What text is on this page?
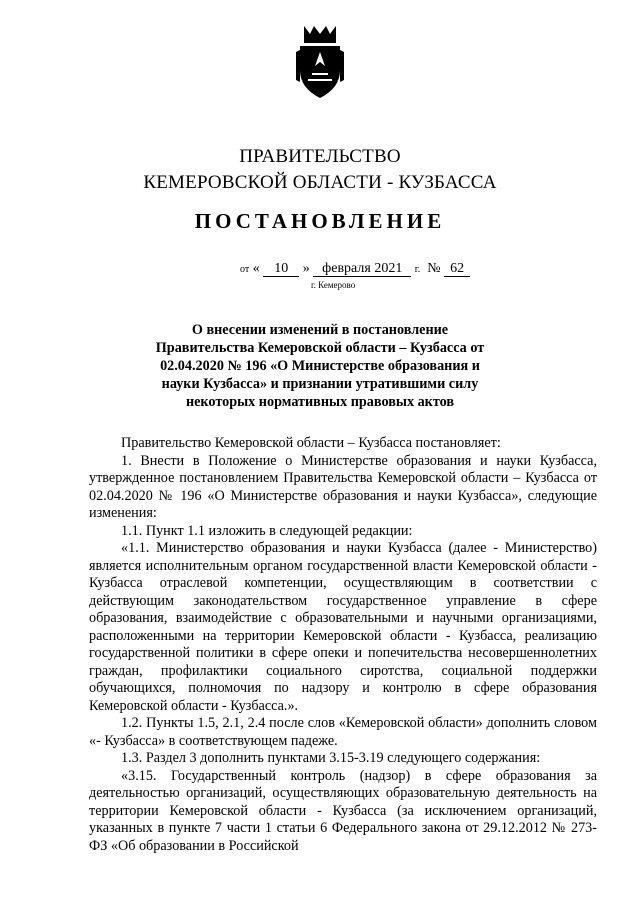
ПРАВИТЕЛЬСТВО
КЕМЕРОВСКОЙ ОБЛАСТИ - КУЗБАССА
ПОСТАНОВЛЕНИЕ
от « 10 » февраля 2021 г. № 62
г. Кемерово
О внесении изменений в постановление
Правительства Кемеровской области – Кузбасса от
02.04.2020 № 196 «О Министерстве образования и
науки Кузбасса» и признании утратившими силу
некоторых нормативных правовых актов

Правительство Кемеровской области – Кузбасса постановляет:

1. Внести в Положение о Министерстве образования и науки Кузбасса, утвержденное постановлением Правительства Кемеровской области – Кузбасса от 02.04.2020 № 196 «О Министерстве образования и науки Кузбасса», следующие изменения:

1.1. Пункт 1.1 изложить в следующей редакции:

«1.1. Министерство образования и науки Кузбасса (далее - Министерство) является исполнительным органом государственной власти Кемеровской области - Кузбасса отраслевой компетенции, осуществляющим в соответствии с действующим законодательством государственное управление в сфере образования, взаимодействие с образовательными и научными организациями, расположенными на территории Кемеровской области - Кузбасса, реализацию государственной политики в сфере опеки и попечительства несовершеннолетних граждан, профилактики социального сиротства, социальной поддержки обучающихся, полномочия по надзору и контролю в сфере образования Кемеровской области - Кузбасса.».

1.2. Пункты 1.5, 2.1, 2.4 после слов «Кемеровской области» дополнить словом «- Кузбасса» в соответствующем падеже.

1.3. Раздел 3 дополнить пунктами 3.15-3.19 следующего содержания:

«3.15. Государственный контроль (надзор) в сфере образования за деятельностью организаций, осуществляющих образовательную деятельность на территории Кемеровской области - Кузбасса (за исключением организаций, указанных в пункте 7 части 1 статьи 6 Федерального закона от 29.12.2012 № 273-ФЗ «Об образовании в Российской
